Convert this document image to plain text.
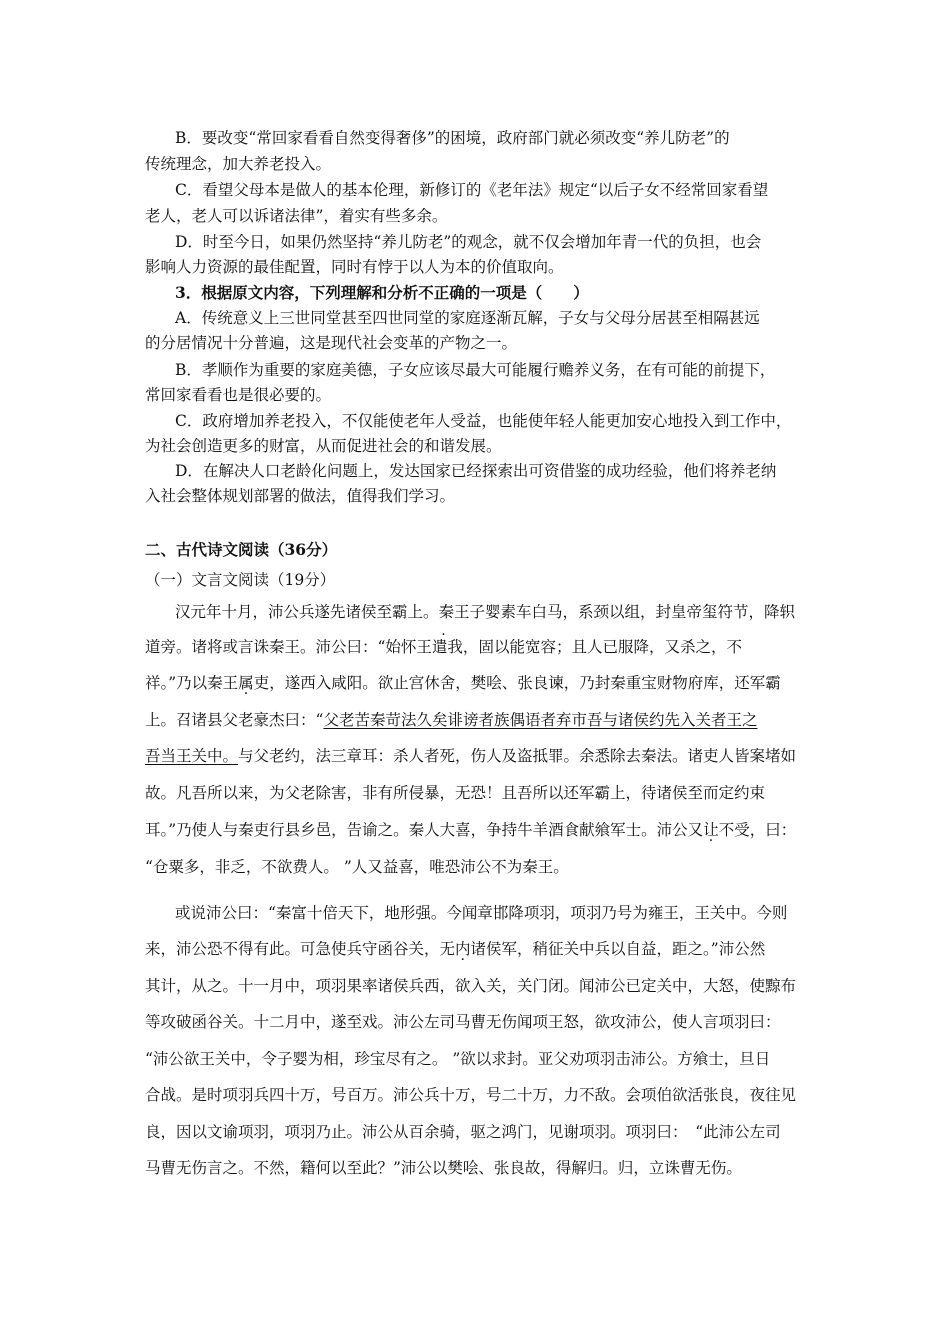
B．要改变“常回家看看自然变得奢侈”的困境，政府部门就必须改变“养儿防老”的
传统理念，加大养老投入。
C．看望父母本是做人的基本伦理，新修订的《老年法》规定“以后子女不经常回家看望
老人，老人可以诉诸法律”，着实有些多余。
D．时至今日，如果仍然坚持“养儿防老”的观念，就不仅会增加年青一代的负担，也会
影响人力资源的最佳配置，同时有悖于以人为本的价值取向。
3．根据原文内容，下列理解和分析不正确的一项是（　　）
A．传统意义上三世同堂甚至四世同堂的家庭逐渐瓦解，子女与父母分居甚至相隔甚远
的分居情况十分普遍，这是现代社会变革的产物之一。
B．孝顺作为重要的家庭美德，子女应该尽最大可能履行赡养义务，在有可能的前提下，
常回家看看也是很必要的。
C．政府增加养老投入，不仅能使老年人受益，也能使年轻人能更加安心地投入到工作中，
为社会创造更多的财富，从而促进社会的和谐发展。
D．在解决人口老龄化问题上，发达国家已经探索出可资借鉴的成功经验，他们将养老纳
入社会整体规划部署的做法，值得我们学习。
二、古代诗文阅读（36分）
（一）文言文阅读（19分）
汉元年十月，沛公兵遂先诸侯至霸上。秦王子婴素车白马，系颈以组，封皇帝玺符节，降轵
道旁。诸将或言诛秦王。沛公曰：“始怀王遣我，固 ·以能宽容；且人已服降，又杀之，不
祥。”乃以秦王属吏，遂西入咸阳。欲止宫休舍，樊哙、张良谏，乃封秦重宝财物府库，还军霸
上。召诸县父老豪杰曰：“父老苦秦苛法久矣诽谤者族偶语者弃市吾与诸侯约先入关者王之
吾当王关中。与父老约，法三章耳：杀人者死，伤人及盗抵罪。余悉除去秦法。诸吏人皆案堵如
故。凡吾所以来，为父老除害，非有所侵暴，无恐！且吾所以还军霸上，待诸侯至而定约束
耳。”乃使人与秦吏行县乡邑，告谕之。秦人大喜，争持牛羊酒食献飨军士。沛公又让不受，曰：
“仓粟多，非乏，不欲费人。 ”人又益喜，唯恐沛公不为秦王。
或说沛公曰：“秦富十倍天下，地形强。今闻章邯降项羽，项羽乃号为雍王，王关中。今则
来，沛公恐不得有此。可急使兵守函谷关，无内诸侯军，稍征关中兵以自益，距之。”沛公然
其计，从之。十一月中，项羽果率诸侯兵西，欲入关，关门闭。闻沛公已定关中，大怒，使黥布
等攻破函谷关。十二月中，遂至戏。沛公左司马曹无伤闻项王怒，欲攻沛公，使人言项羽曰：
“沛公欲王关中，令子婴为相，珍宝尽有之。 ”欲以求封。亚父劝项羽击沛公。方飨士，旦日
合战。是时项羽兵四十万，号百万。沛公兵十万，号二十万，力不敌。会项伯欲活张良，夜往见
良，因以文谕项羽，项羽乃止。沛公从百余骑，驱之鸿门，见谢项羽。项羽曰：　“此沛公左司
马曹无伤言之。不然，籍何以至此？”沛公以樊哙、张良故，得解归。归，立诛曹无伤。
